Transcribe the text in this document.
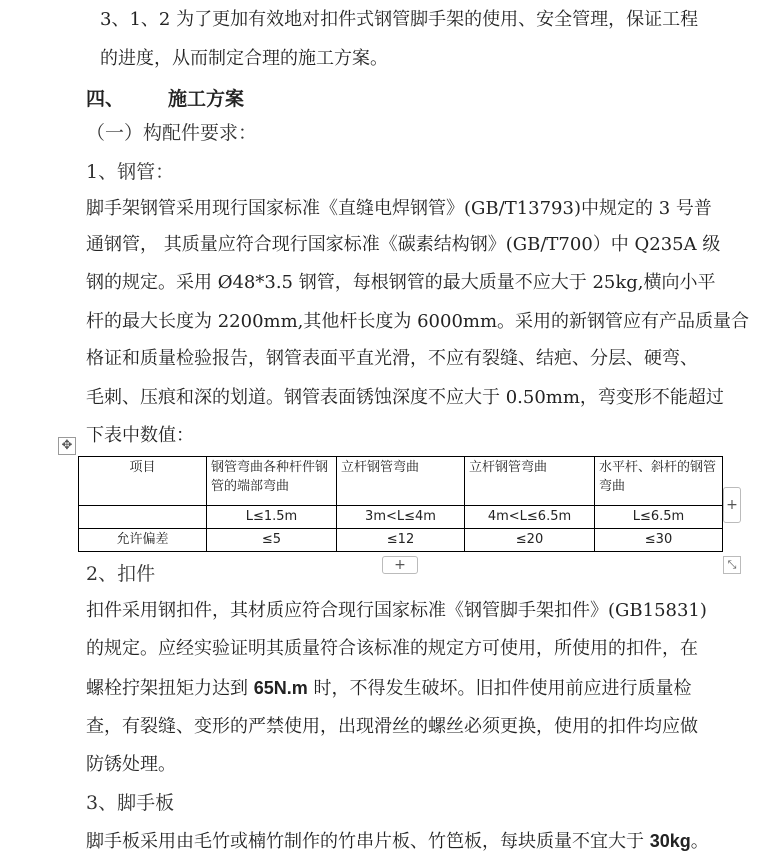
3、1、2 为了更加有效地对扣件式钢管脚手架的使用、安全管理，保证工程
的进度，从而制定合理的施工方案。
四、 施工方案
（一）构配件要求：
1、钢管：
脚手架钢管采用现行国家标准《直缝电焊钢管》(GB/T13793)中规定的 3 号普
通钢管， 其质量应符合现行国家标准《碳素结构钢》(GB/T700）中 Q235A 级
钢的规定。采用 Ø48*3.5 钢管，每根钢管的最大质量不应大于 25kg,横向小平
杆的最大长度为 2200mm,其他杆长度为 6000mm。采用的新钢管应有产品质量合
格证和质量检验报告，钢管表面平直光滑，不应有裂缝、结疤、分层、硬弯、
毛刺、压痕和深的划道。钢管表面锈蚀深度不应大于 0.50mm，弯变形不能超过
下表中数值：
✥
项目	钢管弯曲各种杆件钢管的端部弯曲	立杆钢管弯曲	立杆钢管弯曲	水平杆、斜杆的钢管弯曲
	L≤1.5m	3m<L≤4m	4m<L≤6.5m	L≤6.5m
允许偏差	≤5	≤12	≤20	≤30
+
+	⤡
2、扣件
扣件采用钢扣件，其材质应符合现行国家标准《钢管脚手架扣件》(GB15831)
的规定。应经实验证明其质量符合该标准的规定方可使用，所使用的扣件，在
螺栓拧架扭矩力达到 65N.m 时，不得发生破坏。旧扣件使用前应进行质量检
查，有裂缝、变形的严禁使用，出现滑丝的螺丝必须更换，使用的扣件均应做
防锈处理。
3、脚手板
脚手板采用由毛竹或楠竹制作的竹串片板、竹笆板，每块质量不宜大于 30kg。
